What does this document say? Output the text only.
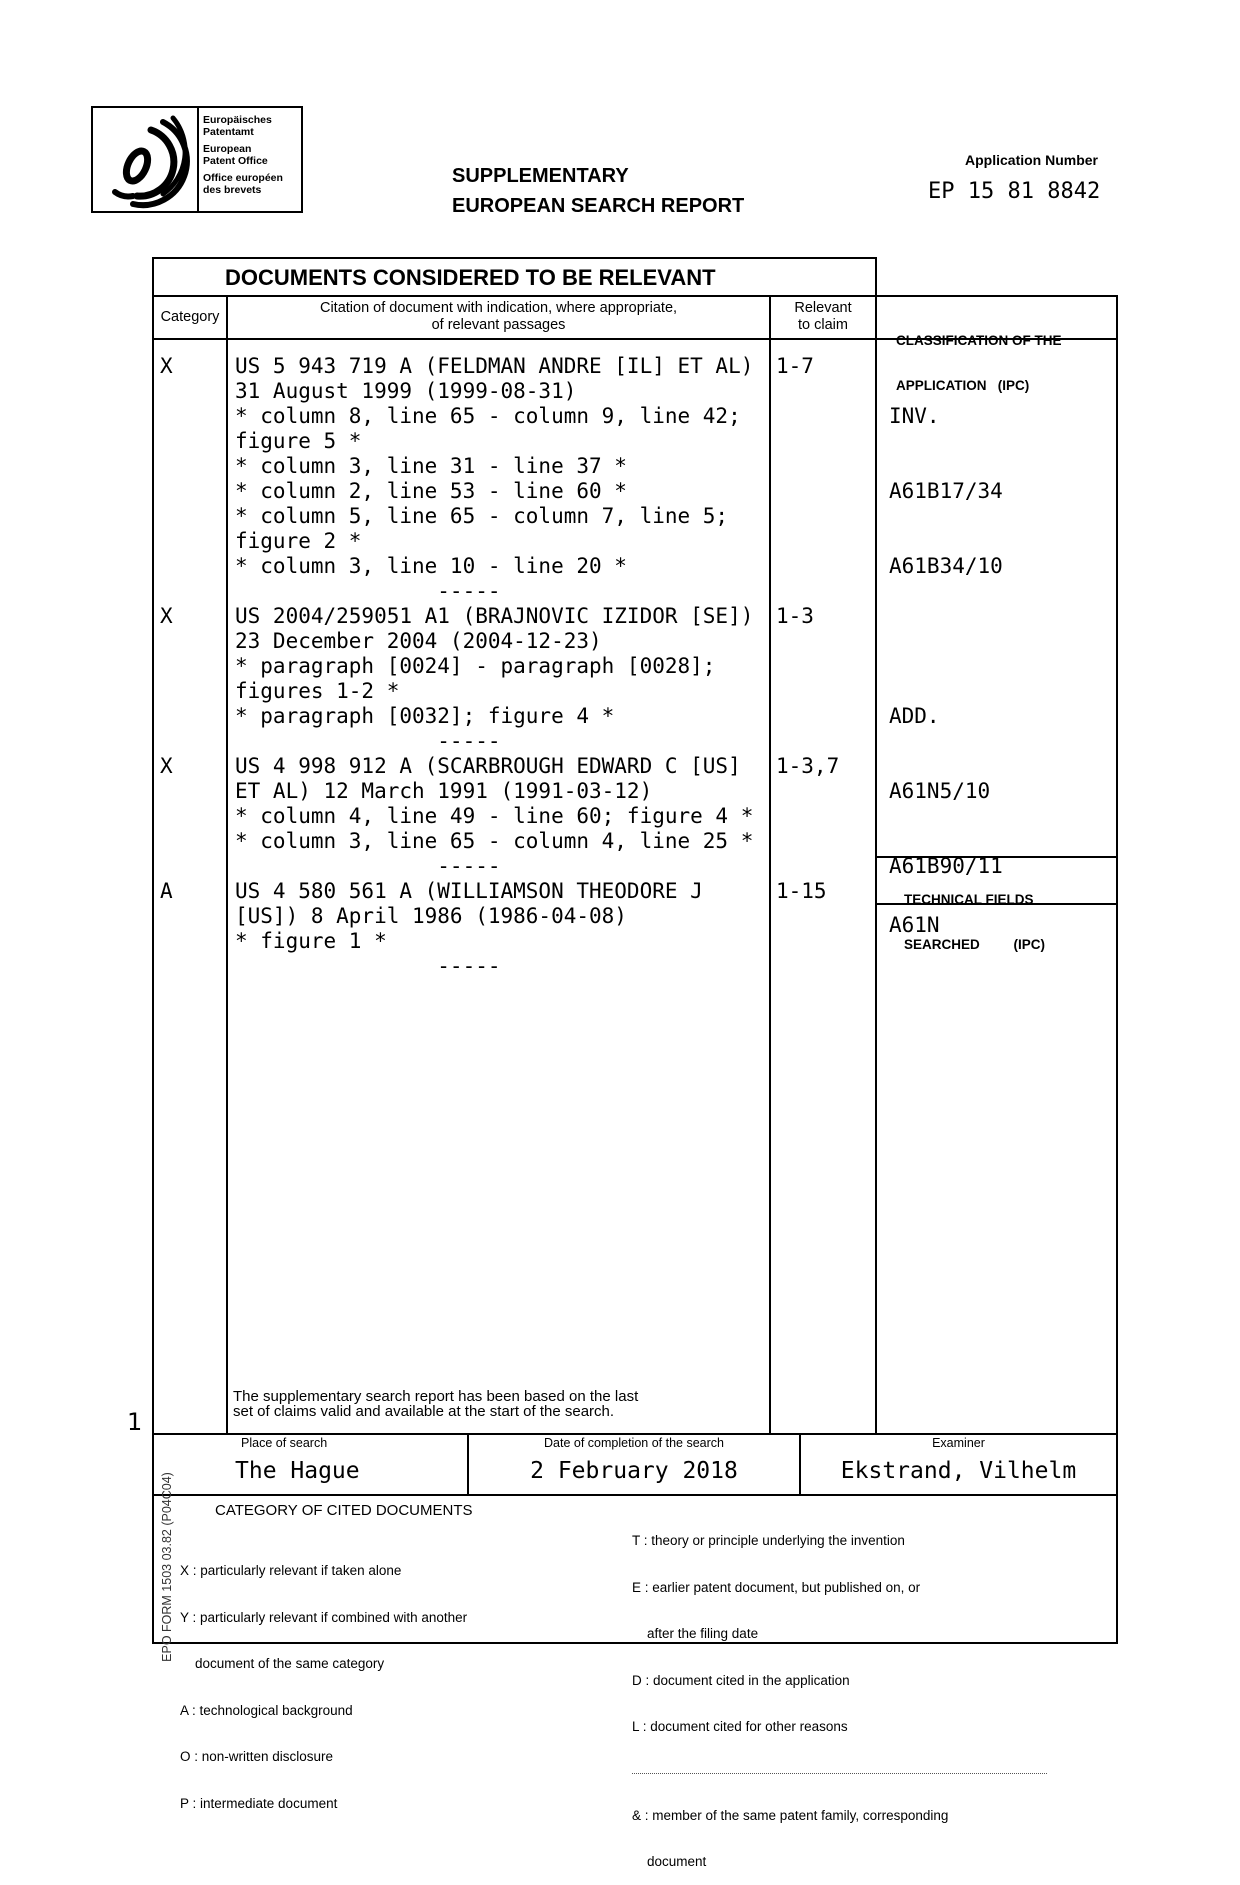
Europäisches
Patentamt
European
Patent Office
Office européen
des brevets
SUPPLEMENTARY
EUROPEAN SEARCH REPORT
Application Number
EP 15 81 8842
DOCUMENTS CONSIDERED TO BE RELEVANT
Category
Citation of document with indication, where appropriate,
of relevant passages
Relevant
to claim

CLASSIFICATION OF THE

APPLICATION   (IPC)

X	1-7
US 5 943 719 A (FELDMAN ANDRE [IL] ET AL)
31 August 1999 (1999-08-31)
* column 8, line 65 - column 9, line 42;
figure 5 *
* column 3, line 31 - line 37 *
* column 2, line 53 - line 60 *
* column 5, line 65 - column 7, line 5;
figure 2 *
* column 3, line 10 - line 20 *
-----
X	1-3
US 2004/259051 A1 (BRAJNOVIC IZIDOR [SE])
23 December 2004 (2004-12-23)
* paragraph [0024] - paragraph [0028];
figures 1-2 *
* paragraph [0032]; figure 4 *
-----
X	1-3,7
US 4 998 912 A (SCARBROUGH EDWARD C [US]
ET AL) 12 March 1991 (1991-03-12)
* column 4, line 49 - line 60; figure 4 *
* column 3, line 65 - column 4, line 25 *
-----
A	1-15
US 4 580 561 A (WILLIAMSON THEODORE J
[US]) 8 April 1986 (1986-04-08)
* figure 1 *
-----

INV.

A61B17/34

A61B34/10

ADD.

A61N5/10

A61B90/11

TECHNICAL FIELDS

SEARCHED         (IPC)

A61N
The supplementary search report has been based on the last
set of claims valid and available at the start of the search.
Place of search
The Hague
Date of completion of the search
2 February 2018
Examiner
Ekstrand, Vilhelm
CATEGORY OF CITED DOCUMENTS

X : particularly relevant if taken alone

Y : particularly relevant if combined with another

document of the same category

A : technological background

O : non-written disclosure

P : intermediate document

T : theory or principle underlying the invention

E : earlier patent document, but published on, or

after the filing date

D : document cited in the application

L : document cited for other reasons

& : member of the same patent family, corresponding

document

1
EPO FORM 1503 03.82 (P04C04)
